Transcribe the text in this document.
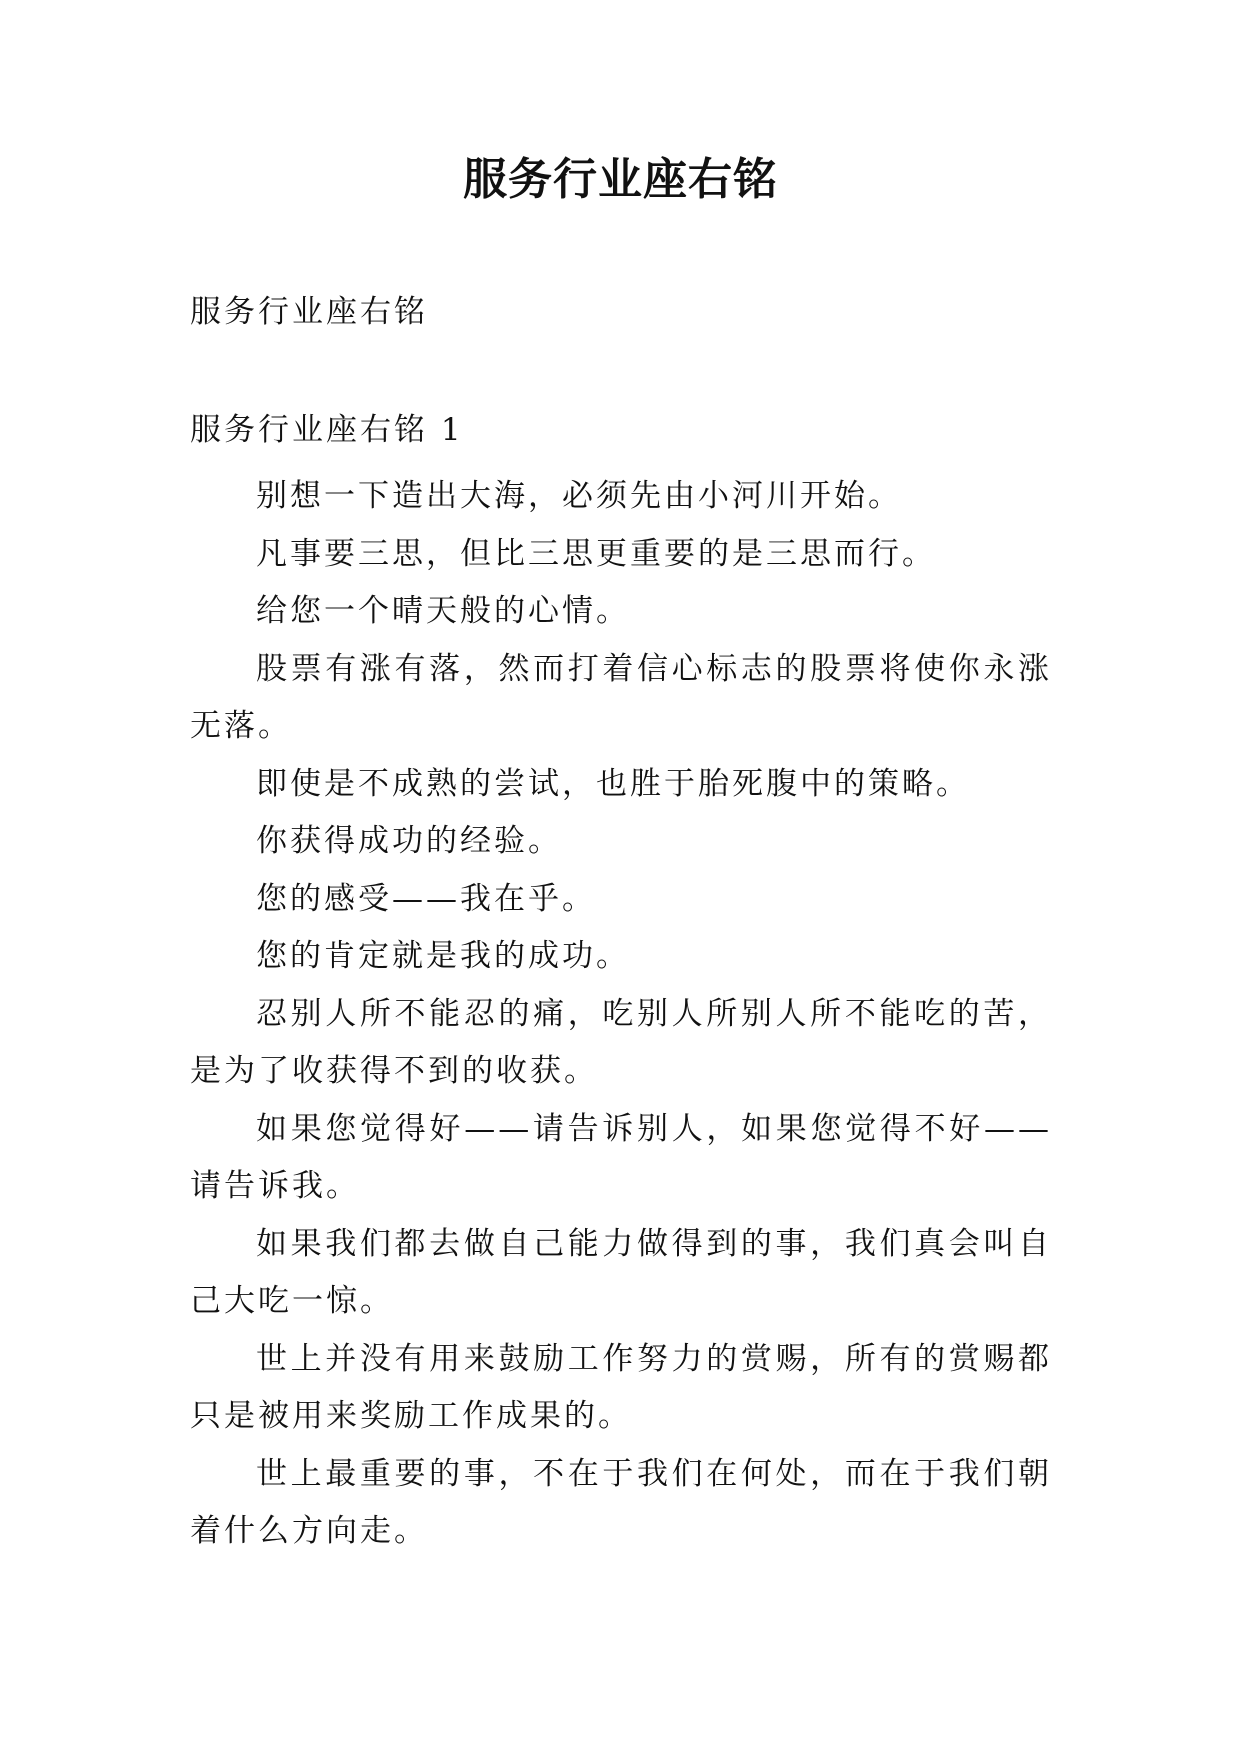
服务行业座右铭

服务行业座右铭

服务行业座右铭 1

别想一下造出大海，必须先由小河川开始。

凡事要三思，但比三思更重要的是三思而行。

给您一个晴天般的心情。

股票有涨有落，然而打着信心标志的股票将使你永涨无落。

即使是不成熟的尝试，也胜于胎死腹中的策略。

你获得成功的经验。

您的感受——我在乎。

您的肯定就是我的成功。

忍别人所不能忍的痛，吃别人所别人所不能吃的苦，是为了收获得不到的收获。

如果您觉得好——请告诉别人，如果您觉得不好——请告诉我。

如果我们都去做自己能力做得到的事，我们真会叫自己大吃一惊。

世上并没有用来鼓励工作努力的赏赐，所有的赏赐都只是被用来奖励工作成果的。

世上最重要的事，不在于我们在何处，而在于我们朝着什么方向走。
